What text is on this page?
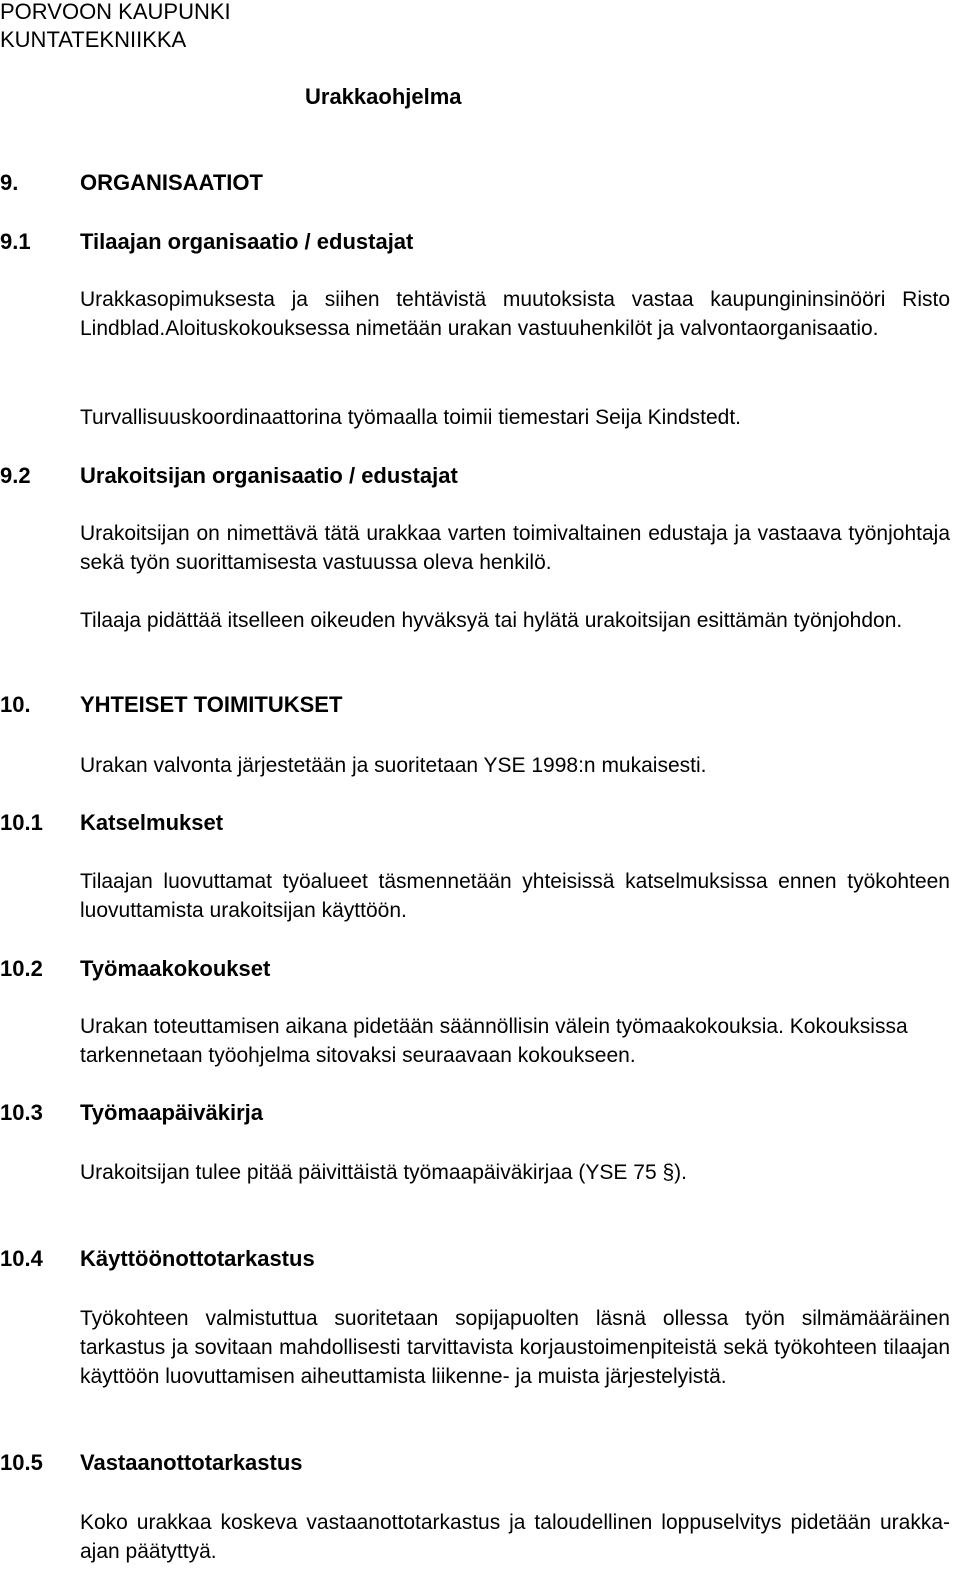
PORVOON KAUPUNKI
KUNTATEKNIIKKA
Urakkaohjelma
9.	ORGANISAATIOT
9.1 Tilaajan organisaatio / edustajat
Urakkasopimuksesta ja siihen tehtävistä muutoksista vastaa kaupungininsinööri Risto Lindblad.Aloituskokouksessa nimetään urakan vastuuhenkilöt ja valvontaorganisaatio.
Turvallisuuskoordinaattorina työmaalla toimii tiemestari Seija Kindstedt.
9.2 Urakoitsijan organisaatio / edustajat
Urakoitsijan on nimettävä tätä urakkaa varten toimivaltainen edustaja ja vastaava työnjohtaja sekä työn suorittamisesta vastuussa oleva henkilö.
Tilaaja pidättää itselleen oikeuden hyväksyä tai hylätä urakoitsijan esittämän työnjohdon.
10. YHTEISET TOIMITUKSET
Urakan valvonta järjestetään ja suoritetaan YSE 1998:n mukaisesti.
10.1 Katselmukset
Tilaajan luovuttamat työalueet täsmennetään yhteisissä katselmuksissa ennen työkohteen luovuttamista urakoitsijan käyttöön.
10.2 Työmaakokoukset
Urakan toteuttamisen aikana pidetään säännöllisin välein työmaakokouksia. Kokouksissa tarkennetaan työohjelma sitovaksi seuraavaan kokoukseen.
10.3 Työmaapäiväkirja
Urakoitsijan tulee pitää päivittäistä työmaapäiväkirjaa (YSE 75 §).
10.4 Käyttöönottotarkastus
Työkohteen valmistuttua suoritetaan sopijapuolten läsnä ollessa työn silmämääräinen tarkastus ja sovitaan mahdollisesti tarvittavista korjaustoimenpiteistä sekä työkohteen tilaajan käyttöön luovuttamisen aiheuttamista liikenne- ja muista järjestelyistä.
10.5 Vastaanottotarkastus
Koko urakkaa koskeva vastaanottotarkastus ja taloudellinen loppuselvitys pidetään urakka-ajan päätyttyä.
